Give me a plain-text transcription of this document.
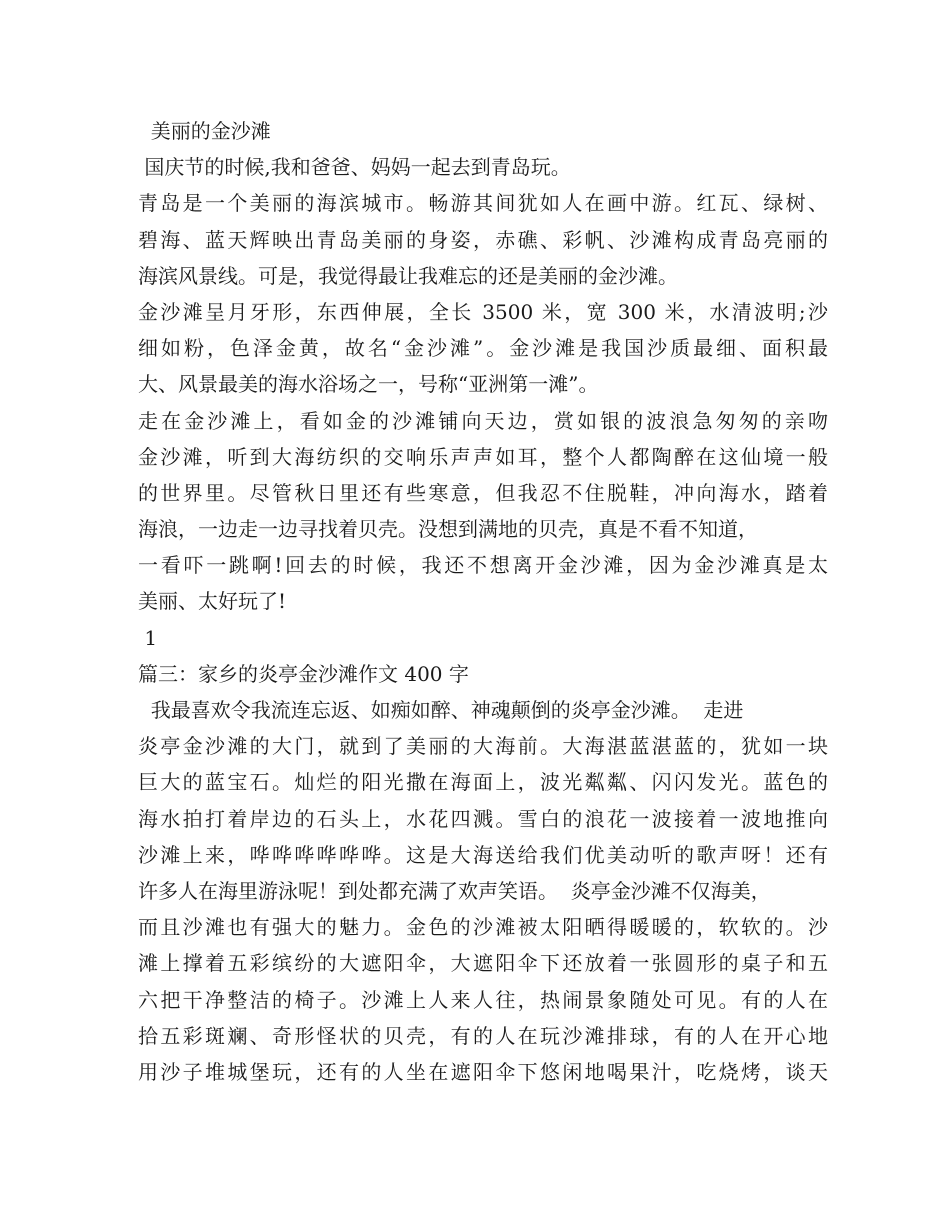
美丽的金沙滩
国庆节的时候,我和爸爸、妈妈一起去到青岛玩。
青岛是一个美丽的海滨城市。畅游其间犹如人在画中游。红瓦、绿树、
碧海、蓝天辉映出青岛美丽的身姿，赤礁、彩帆、沙滩构成青岛亮丽的
海滨风景线。可是，我觉得最让我难忘的还是美丽的金沙滩。
金沙滩呈月牙形，东西伸展，全长 3500 米，宽 300 米，水清波明;沙
细如粉，色泽金黄，故名“金沙滩”。金沙滩是我国沙质最细、面积最
大、风景最美的海水浴场之一，号称“亚洲第一滩”。
走在金沙滩上，看如金的沙滩铺向天边，赏如银的波浪急匆匆的亲吻
金沙滩，听到大海纺织的交响乐声声如耳，整个人都陶醉在这仙境一般
的世界里。尽管秋日里还有些寒意，但我忍不住脱鞋，冲向海水，踏着
海浪，一边走一边寻找着贝壳。没想到满地的贝壳，真是不看不知道，
一看吓一跳啊!回去的时候，我还不想离开金沙滩，因为金沙滩真是太
美丽、太好玩了!
1
篇三：家乡的炎亭金沙滩作文 400 字
我最喜欢令我流连忘返、如痴如醉、神魂颠倒的炎亭金沙滩。  走进
炎亭金沙滩的大门，就到了美丽的大海前。大海湛蓝湛蓝的，犹如一块
巨大的蓝宝石。灿烂的阳光撒在海面上，波光粼粼、闪闪发光。蓝色的
海水拍打着岸边的石头上，水花四溅。雪白的浪花一波接着一波地推向
沙滩上来，哗哗哗哗哗哗。这是大海送给我们优美动听的歌声呀！还有
许多人在海里游泳呢！到处都充满了欢声笑语。  炎亭金沙滩不仅海美，
而且沙滩也有强大的魅力。金色的沙滩被太阳晒得暖暖的，软软的。沙
滩上撑着五彩缤纷的大遮阳伞，大遮阳伞下还放着一张圆形的桌子和五
六把干净整洁的椅子。沙滩上人来人往，热闹景象随处可见。有的人在
拾五彩斑斓、奇形怪状的贝壳，有的人在玩沙滩排球，有的人在开心地
用沙子堆城堡玩，还有的人坐在遮阳伞下悠闲地喝果汁，吃烧烤，谈天
